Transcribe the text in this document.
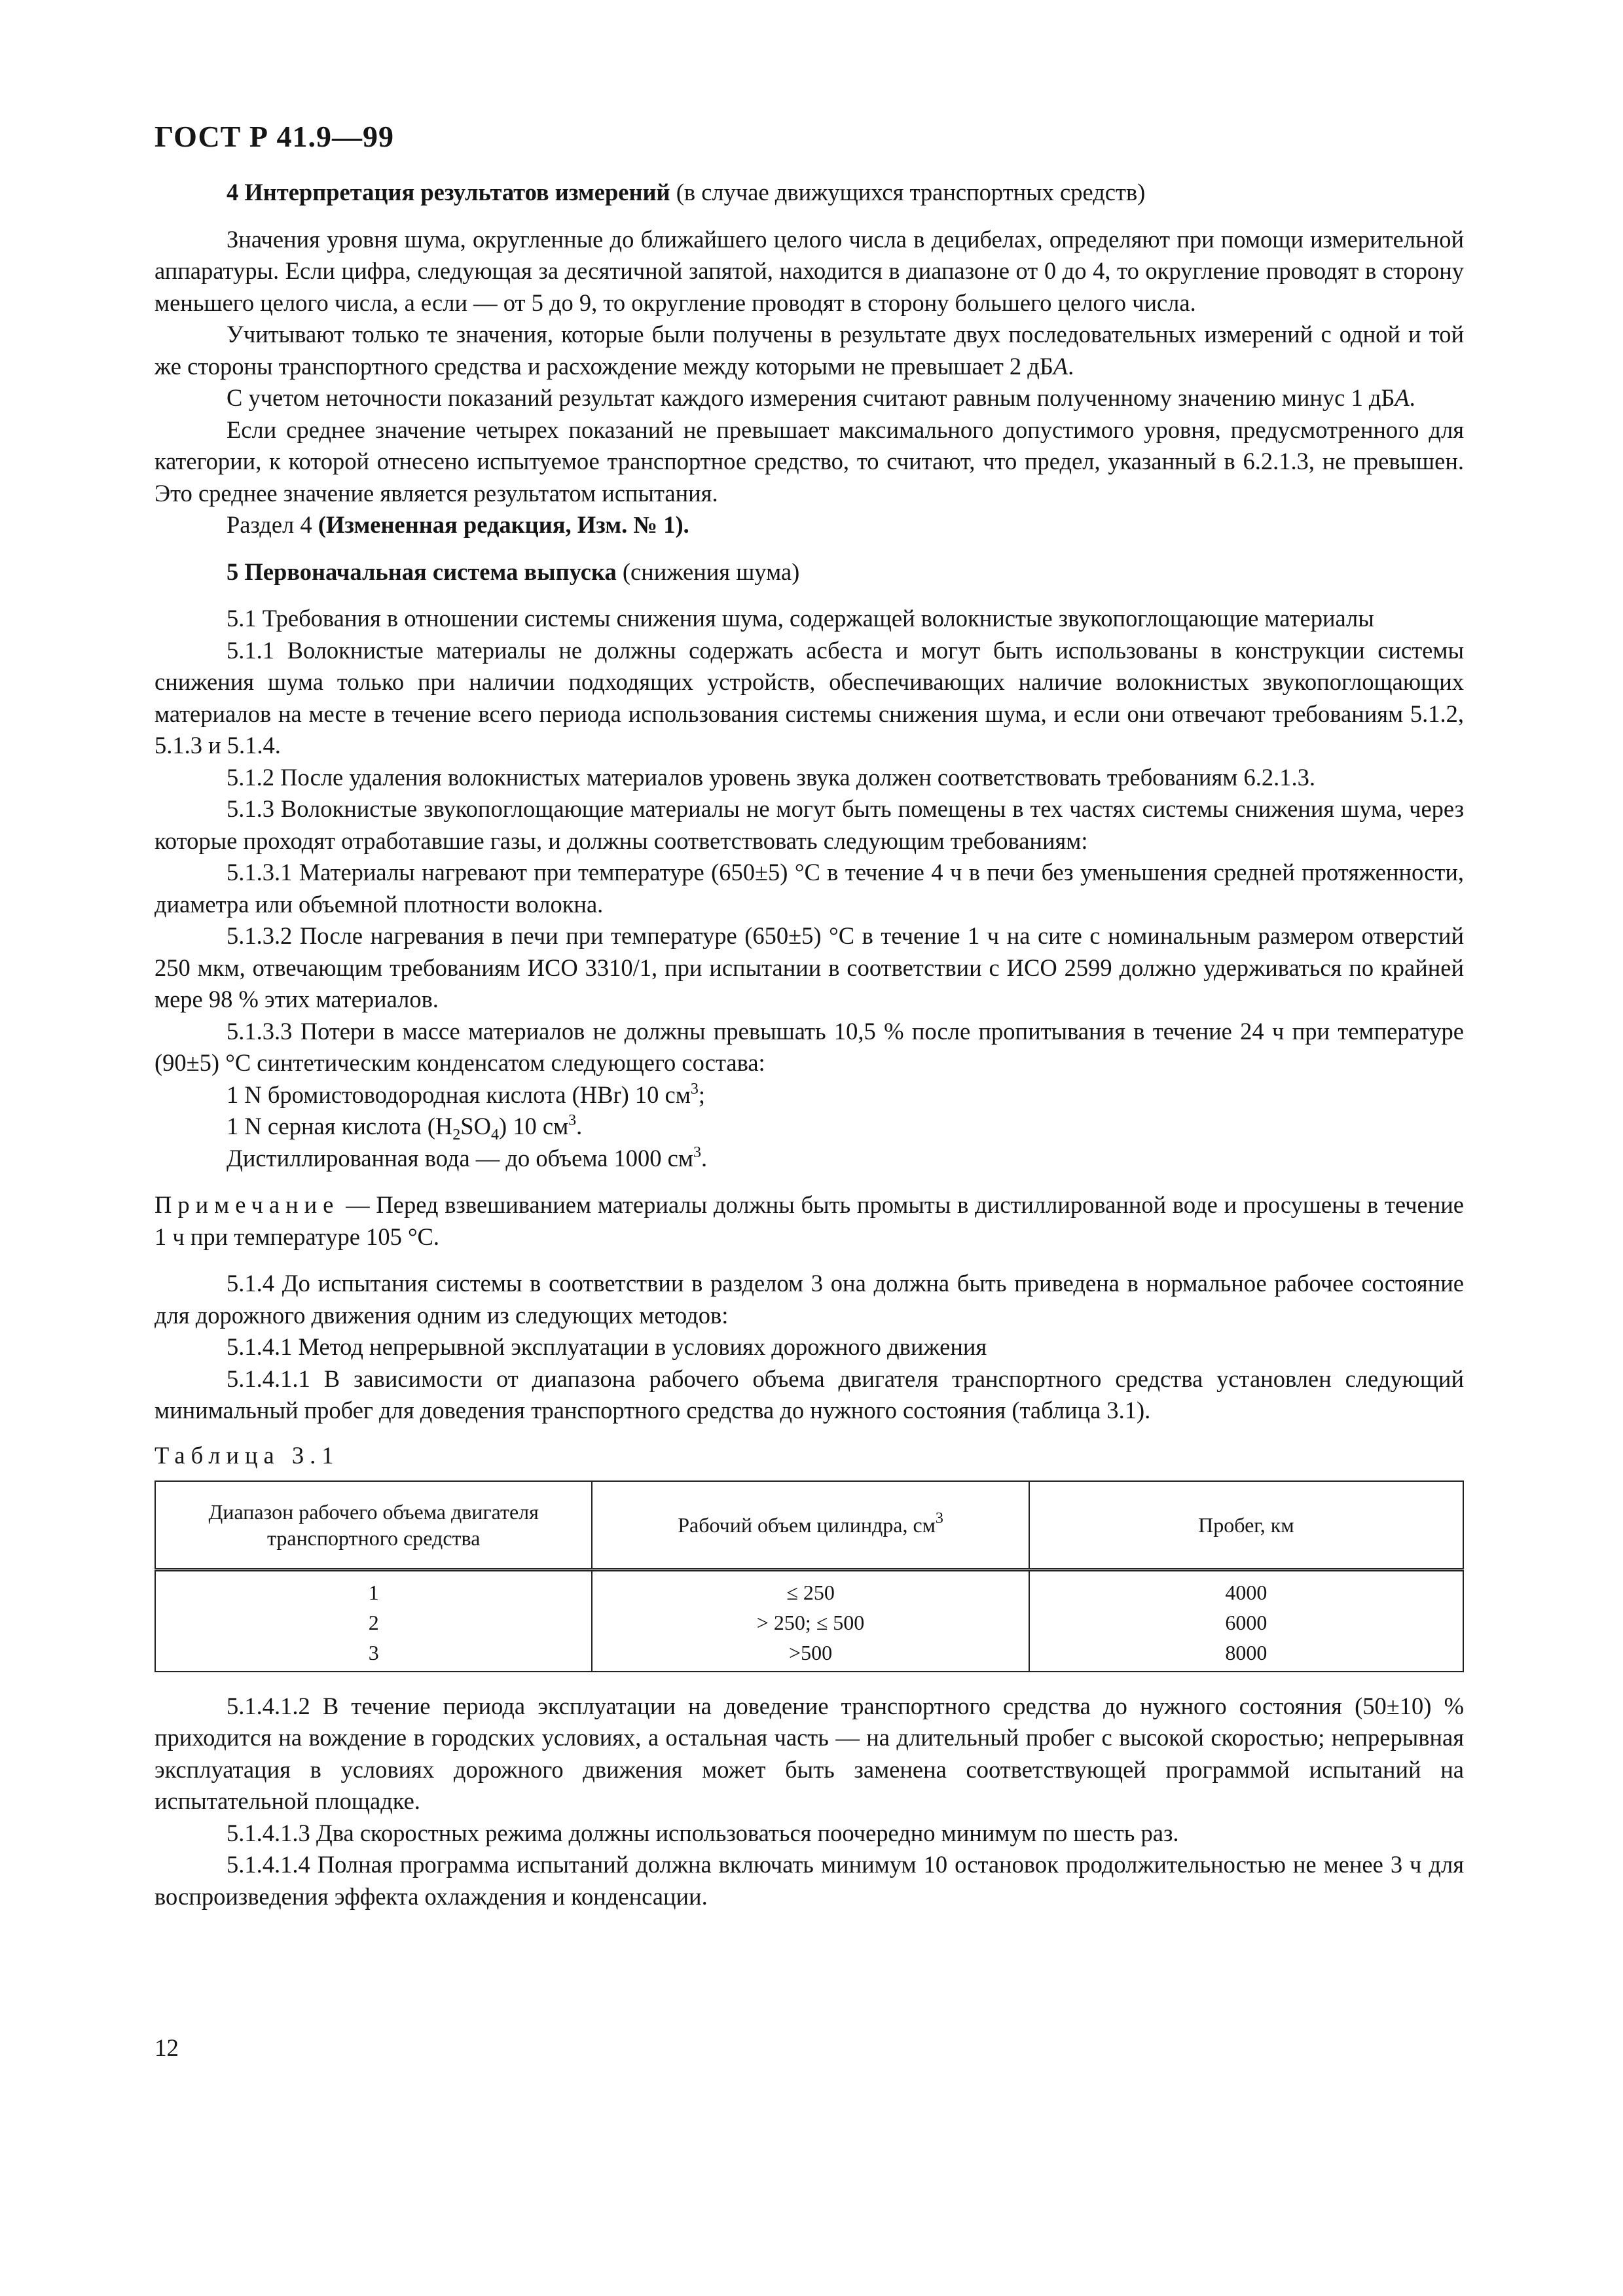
ГОСТ Р 41.9—99

4 Интерпретация результатов измерений (в случае движущихся транспортных средств)

Значения уровня шума, округленные до ближайшего целого числа в децибелах, определяют при помощи измерительной аппаратуры. Если цифра, следующая за десятичной запятой, находится в диапазоне от 0 до 4, то округление проводят в сторону меньшего целого числа, а если — от 5 до 9, то округление проводят в сторону большего целого числа.

Учитывают только те значения, которые были получены в результате двух последовательных измерений с одной и той же стороны транспортного средства и расхождение между которыми не превышает 2 дБА.

С учетом неточности показаний результат каждого измерения считают равным полученному значению минус 1 дБА.

Если среднее значение четырех показаний не превышает максимального допустимого уровня, предусмотренного для категории, к которой отнесено испытуемое транспортное средство, то считают, что предел, указанный в 6.2.1.3, не превышен. Это среднее значение является результатом испытания.

Раздел 4 (Измененная редакция, Изм. № 1).

5 Первоначальная система выпуска (снижения шума)

5.1 Требования в отношении системы снижения шума, содержащей волокнистые звукопоглощающие материалы

5.1.1 Волокнистые материалы не должны содержать асбеста и могут быть использованы в конструкции системы снижения шума только при наличии подходящих устройств, обеспечивающих наличие волокнистых звукопоглощающих материалов на месте в течение всего периода использования системы снижения шума, и если они отвечают требованиям 5.1.2, 5.1.3 и 5.1.4.

5.1.2 После удаления волокнистых материалов уровень звука должен соответствовать требованиям 6.2.1.3.

5.1.3 Волокнистые звукопоглощающие материалы не могут быть помещены в тех частях системы снижения шума, через которые проходят отработавшие газы, и должны соответствовать следующим требованиям:

5.1.3.1 Материалы нагревают при температуре (650±5) °С в течение 4 ч в печи без уменьшения средней протяженности, диаметра или объемной плотности волокна.

5.1.3.2 После нагревания в печи при температуре (650±5) °С в течение 1 ч на сите с номинальным размером отверстий 250 мкм, отвечающим требованиям ИСО 3310/1, при испытании в соответствии с ИСО 2599 должно удерживаться по крайней мере 98 % этих материалов.

5.1.3.3 Потери в массе материалов не должны превышать 10,5 % после пропитывания в течение 24 ч при температуре (90±5) °С синтетическим конденсатом следующего состава:

1 N бромистоводородная кислота (HBr) 10 $см^3$;

1 N серная кислота $(H_2SO_4)$ 10 $см^3$.

Дистиллированная вода — до объема 1000 $см^3$.

Примечание — Перед взвешиванием материалы должны быть промыты в дистиллированной воде и просушены в течение 1 ч при температуре 105 °С.

5.1.4 До испытания системы в соответствии в разделом 3 она должна быть приведена в нормальное рабочее состояние для дорожного движения одним из следующих методов:

5.1.4.1 Метод непрерывной эксплуатации в условиях дорожного движения

5.1.4.1.1 В зависимости от диапазона рабочего объема двигателя транспортного средства установлен следующий минимальный пробег для доведения транспортного средства до нужного состояния (таблица 3.1).

Таблица 3.1
Диапазон рабочего объема двигателя транспортного средства	Рабочий объем цилиндра, $см^3$	Пробег, км
1	≤ 250	4000
2	> 250; ≤ 500	6000
3	>500	8000

5.1.4.1.2 В течение периода эксплуатации на доведение транспортного средства до нужного состояния (50±10) % приходится на вождение в городских условиях, а остальная часть — на длительный пробег с высокой скоростью; непрерывная эксплуатация в условиях дорожного движения может быть заменена соответствующей программой испытаний на испытательной площадке.

5.1.4.1.3 Два скоростных режима должны использоваться поочередно минимум по шесть раз.

5.1.4.1.4 Полная программа испытаний должна включать минимум 10 остановок продолжительностью не менее 3 ч для воспроизведения эффекта охлаждения и конденсации.

12
